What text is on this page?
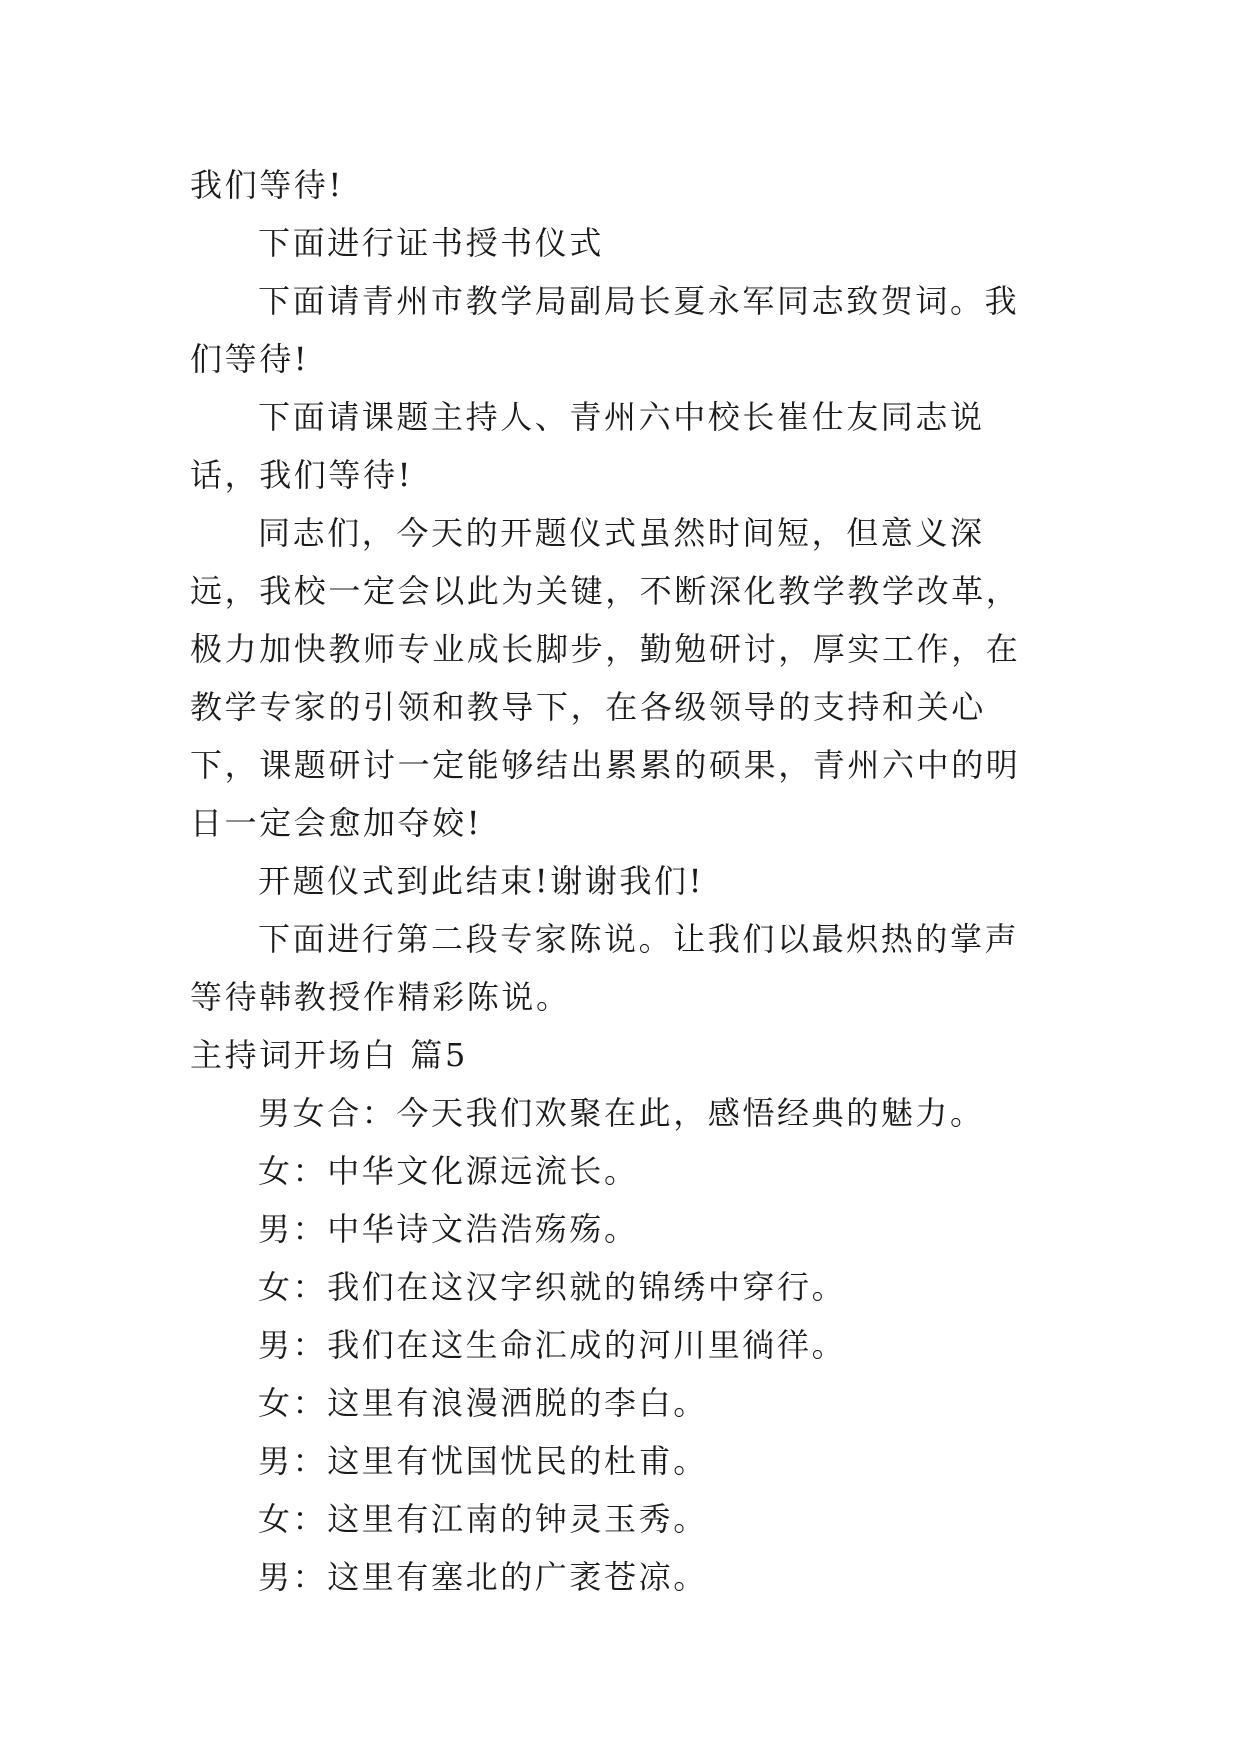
我们等待!

下面进行证书授书仪式

下面请青州市教学局副局长夏永军同志致贺词。我们等待!

下面请课题主持人、青州六中校长崔仕友同志说话，我们等待!

同志们，今天的开题仪式虽然时间短，但意义深远，我校一定会以此为关键，不断深化教学教学改革，极力加快教师专业成长脚步，勤勉研讨，厚实工作，在教学专家的引领和教导下，在各级领导的支持和关心下，课题研讨一定能够结出累累的硕果，青州六中的明日一定会愈加夺姣!

开题仪式到此结束!谢谢我们!

下面进行第二段专家陈说。让我们以最炽热的掌声等待韩教授作精彩陈说。

主持词开场白 篇5

男女合：今天我们欢聚在此，感悟经典的魅力。

女：中华文化源远流长。

男：中华诗文浩浩殇殇。

女：我们在这汉字织就的锦绣中穿行。

男：我们在这生命汇成的河川里徜徉。

女：这里有浪漫洒脱的李白。

男：这里有忧国忧民的杜甫。

女：这里有江南的钟灵玉秀。

男：这里有塞北的广袤苍凉。
